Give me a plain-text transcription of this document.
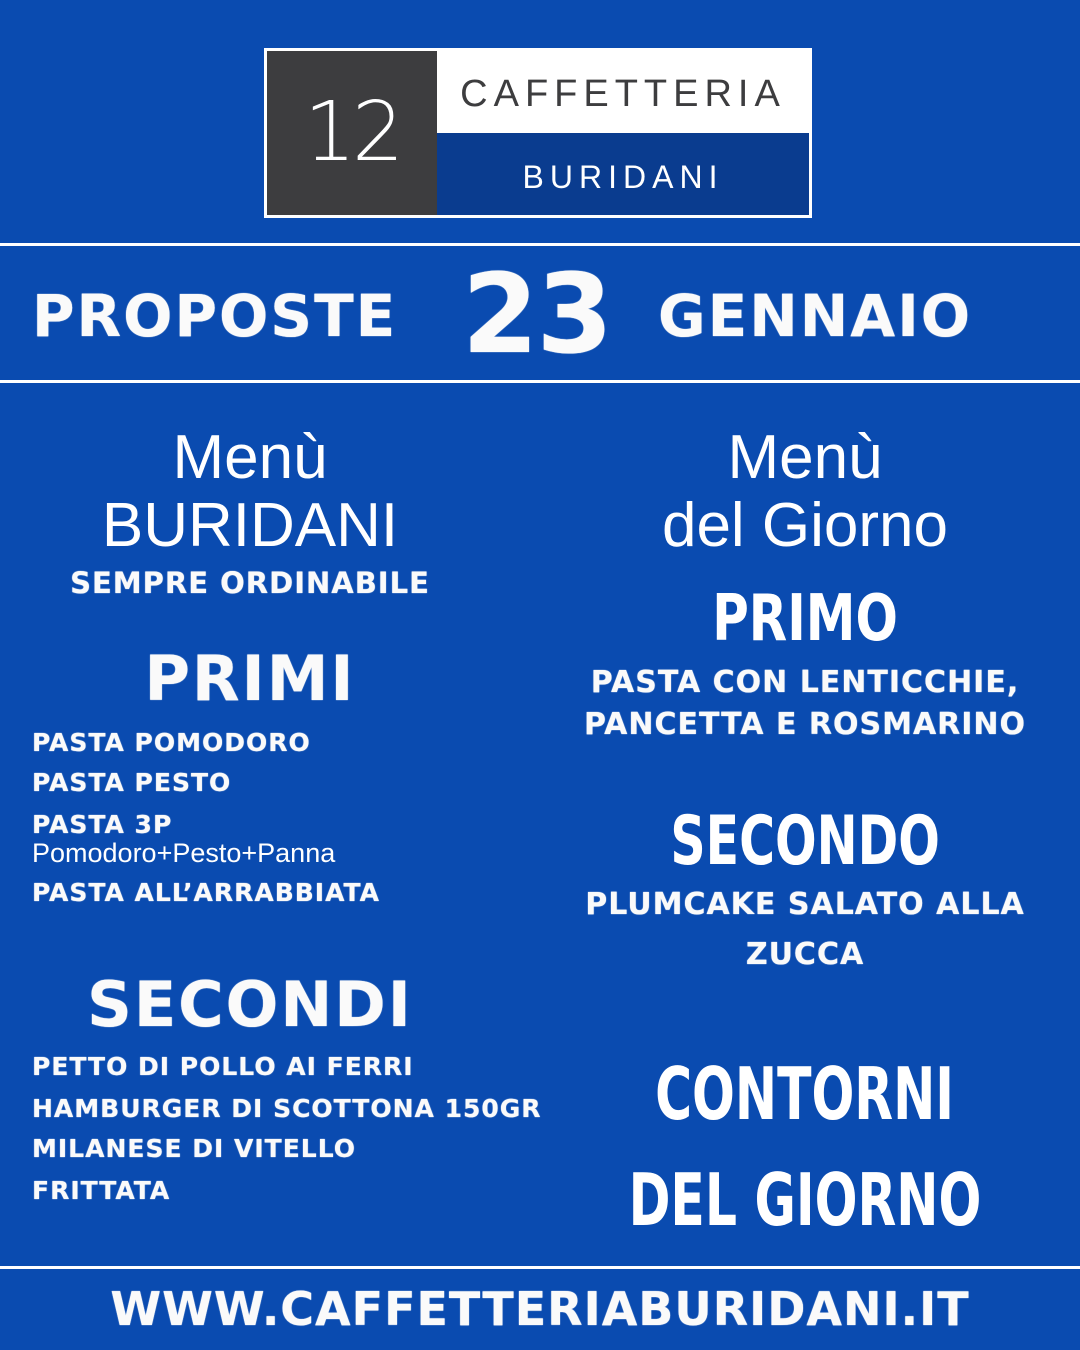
12	CAFFETTERIA
BURIDANI
PROPOSTE 23 GENNAIO
Menù
BURIDANI
SEMPRE ORDINABILE
PRIMI
PASTA POMODORO
PASTA PESTO
PASTA 3P
Pomodoro+Pesto+Panna
PASTA ALL’ARRABBIATA
SECONDI
PETTO DI POLLO AI FERRI
HAMBURGER DI SCOTTONA 150GR
MILANESE DI VITELLO
FRITTATA
Menù
del Giorno
PRIMO
PASTA CON LENTICCHIE,
PANCETTA E ROSMARINO
SECONDO
PLUMCAKE SALATO ALLA
ZUCCA
CONTORNI
DEL GIORNO
WWW.CAFFETTERIABURIDANI.IT
